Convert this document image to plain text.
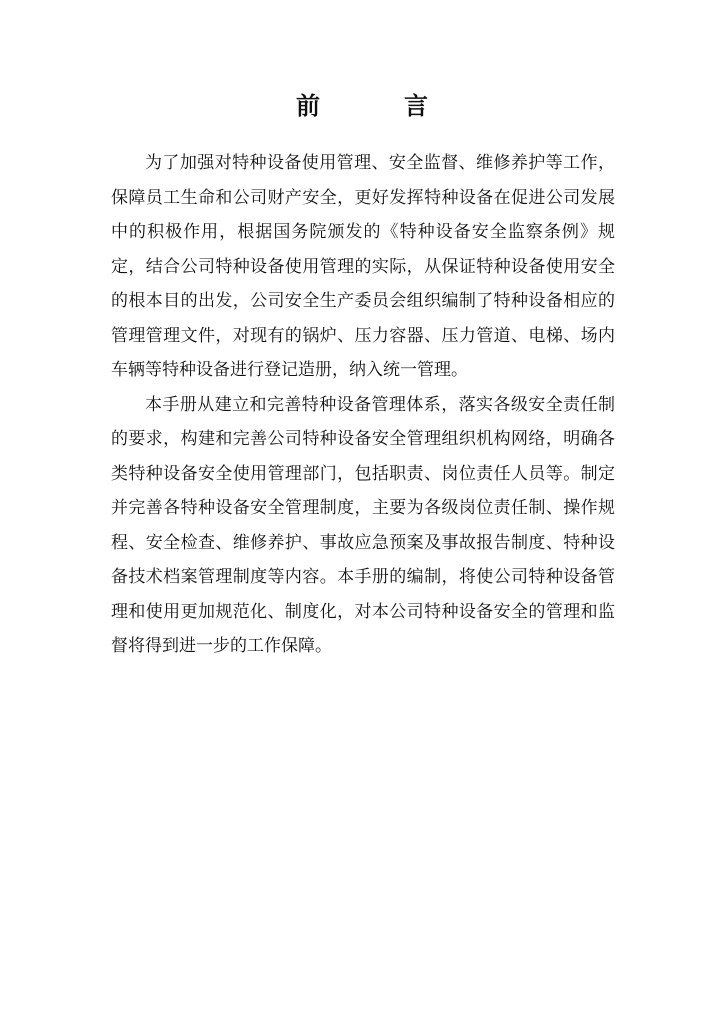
前　言

为了加强对特种设备使用管理、安全监督、维修养护等工作，保障员工生命和公司财产安全，更好发挥特种设备在促进公司发展中的积极作用，根据国务院颁发的《特种设备安全监察条例》规定，结合公司特种设备使用管理的实际，从保证特种设备使用安全的根本目的出发，公司安全生产委员会组织编制了特种设备相应的管理管理文件，对现有的锅炉、压力容器、压力管道、电梯、场内车辆等特种设备进行登记造册，纳入统一管理。

本手册从建立和完善特种设备管理体系，落实各级安全责任制的要求，构建和完善公司特种设备安全管理组织机构网络，明确各类特种设备安全使用管理部门，包括职责、岗位责任人员等。制定并完善各特种设备安全管理制度，主要为各级岗位责任制、操作规程、安全检查、维修养护、事故应急预案及事故报告制度、特种设备技术档案管理制度等内容。本手册的编制，将使公司特种设备管理和使用更加规范化、制度化，对本公司特种设备安全的管理和监督将得到进一步的工作保障。
